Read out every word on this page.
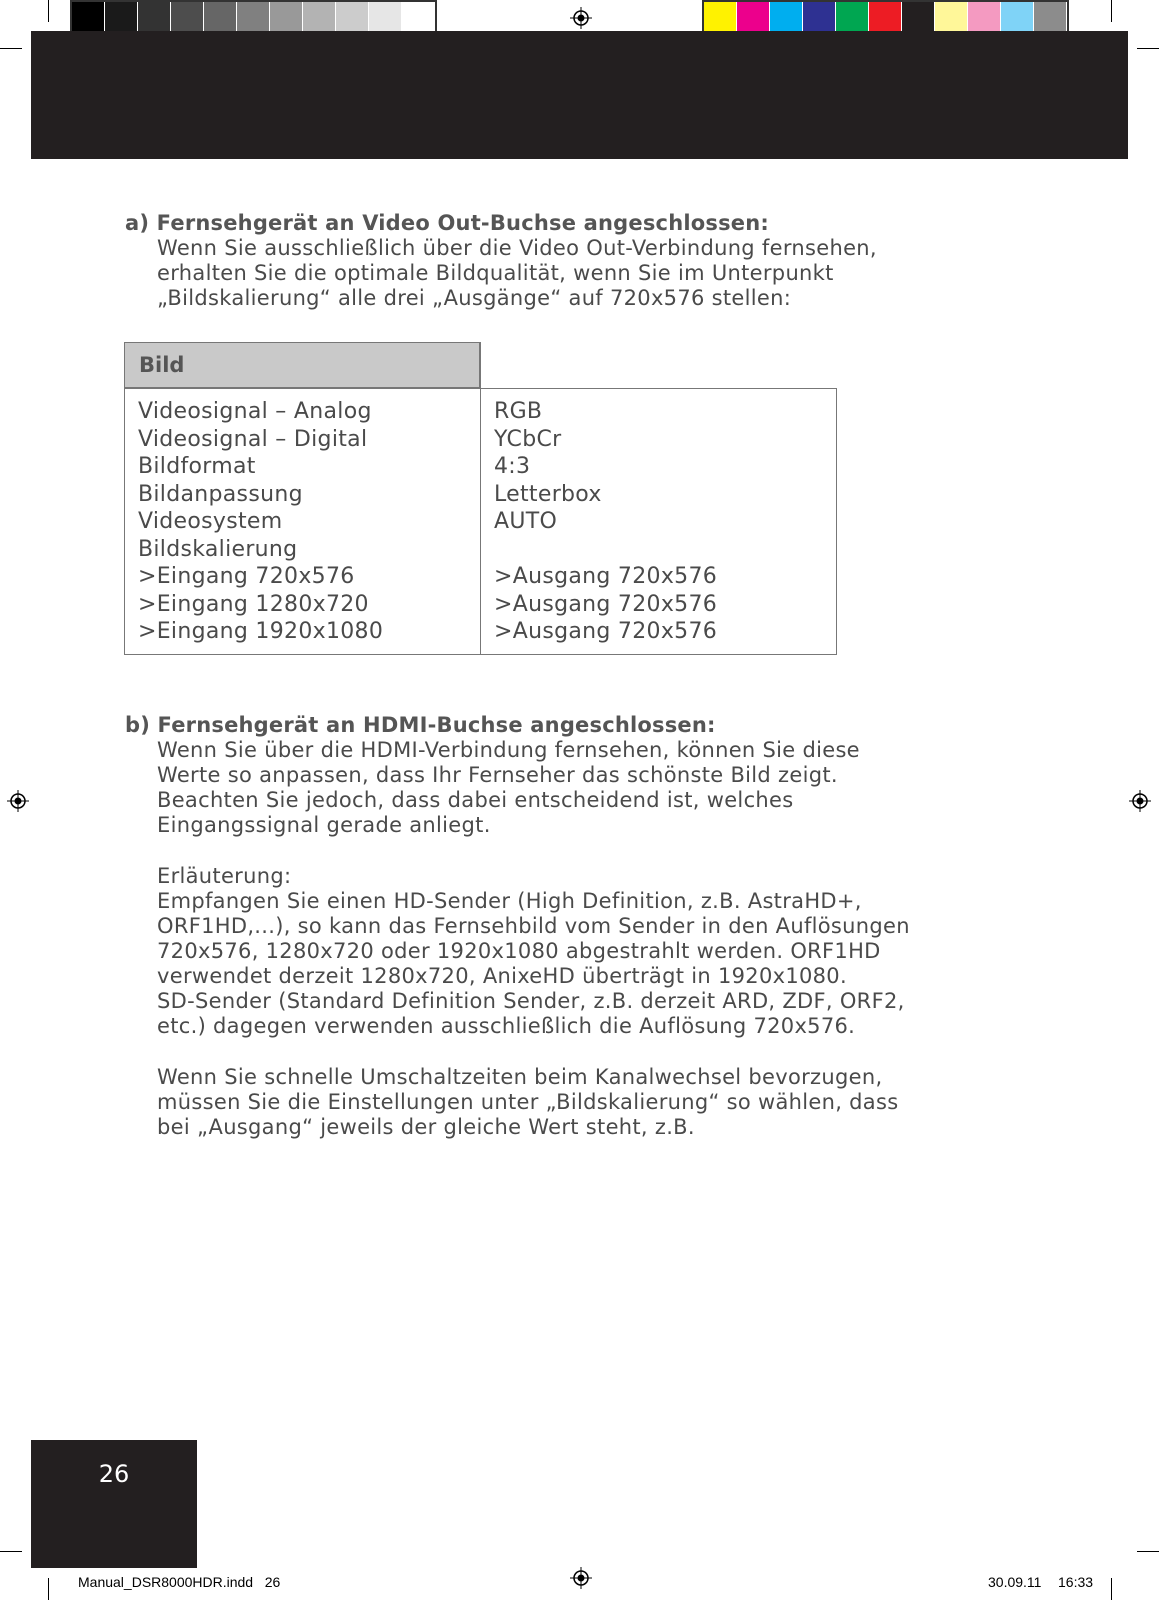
a) Fernsehgerät an Video Out-Buchse angeschlossen:
Wenn Sie ausschließlich über die Video Out-Verbindung fernsehen,
erhalten Sie die optimale Bildqualität, wenn Sie im Unterpunkt
„Bildskalierung“ alle drei „Ausgänge“ auf 720x576 stellen:
Bild
Videosignal – Analog
Videosignal – Digital
Bildformat
Bildanpassung
Videosystem
Bildskalierung
>Eingang 720x576
>Eingang 1280x720
>Eingang 1920x1080
RGB
YCbCr
4:3
Letterbox
AUTO
>Ausgang 720x576
>Ausgang 720x576
>Ausgang 720x576
b) Fernsehgerät an HDMI-Buchse angeschlossen:
Wenn Sie über die HDMI-Verbindung fernsehen, können Sie diese
Werte so anpassen, dass Ihr Fernseher das schönste Bild zeigt.
Beachten Sie jedoch, dass dabei entscheidend ist, welches
Eingangssignal gerade anliegt.
Erläuterung:
Empfangen Sie einen HD-Sender (High Definition, z.B. AstraHD+,
ORF1HD,...), so kann das Fernsehbild vom Sender in den Auflösungen
720x576, 1280x720 oder 1920x1080 abgestrahlt werden. ORF1HD
verwendet derzeit 1280x720, AnixeHD überträgt in 1920x1080.
SD-Sender (Standard Definition Sender, z.B. derzeit ARD, ZDF, ORF2,
etc.) dagegen verwenden ausschließlich die Auflösung 720x576.
Wenn Sie schnelle Umschaltzeiten beim Kanalwechsel bevorzugen,
müssen Sie die Einstellungen unter „Bildskalierung“ so wählen, dass
bei „Ausgang“ jeweils der gleiche Wert steht, z.B.
26
Manual_DSR8000HDR.indd   26	30.09.11 16:33
